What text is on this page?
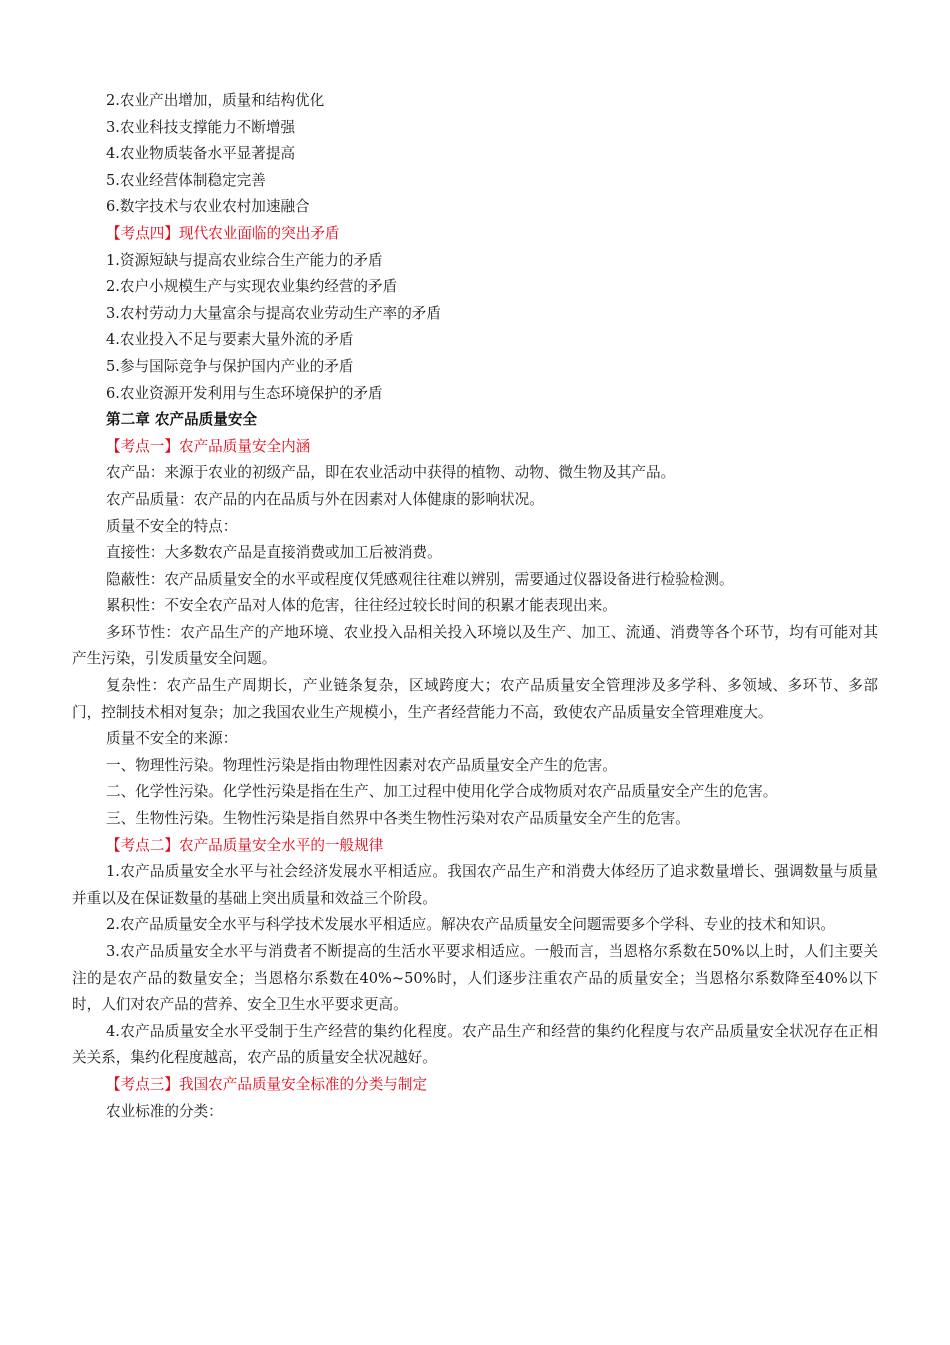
2.农业产出增加，质量和结构优化

3.农业科技支撑能力不断增强

4.农业物质装备水平显著提高

5.农业经营体制稳定完善

6.数字技术与农业农村加速融合

【考点四】现代农业面临的突出矛盾

1.资源短缺与提高农业综合生产能力的矛盾

2.农户小规模生产与实现农业集约经营的矛盾

3.农村劳动力大量富余与提高农业劳动生产率的矛盾

4.农业投入不足与要素大量外流的矛盾

5.参与国际竞争与保护国内产业的矛盾

6.农业资源开发利用与生态环境保护的矛盾

第二章 农产品质量安全

【考点一】农产品质量安全内涵

农产品：来源于农业的初级产品，即在农业活动中获得的植物、动物、微生物及其产品。

农产品质量：农产品的内在品质与外在因素对人体健康的影响状况。

质量不安全的特点：

直接性：大多数农产品是直接消费或加工后被消费。

隐蔽性：农产品质量安全的水平或程度仅凭感观往往难以辨别，需要通过仪器设备进行检验检测。

累积性：不安全农产品对人体的危害，往往经过较长时间的积累才能表现出来。

多环节性：农产品生产的产地环境、农业投入品相关投入环境以及生产、加工、流通、消费等各个环节，均有可能对其产生污染，引发质量安全问题。

复杂性：农产品生产周期长，产业链条复杂，区域跨度大；农产品质量安全管理涉及多学科、多领域、多环节、多部门，控制技术相对复杂；加之我国农业生产规模小，生产者经营能力不高，致使农产品质量安全管理难度大。

质量不安全的来源：

一、物理性污染。物理性污染是指由物理性因素对农产品质量安全产生的危害。

二、化学性污染。化学性污染是指在生产、加工过程中使用化学合成物质对农产品质量安全产生的危害。

三、生物性污染。生物性污染是指自然界中各类生物性污染对农产品质量安全产生的危害。

【考点二】农产品质量安全水平的一般规律

1.农产品质量安全水平与社会经济发展水平相适应。我国农产品生产和消费大体经历了追求数量增长、强调数量与质量并重以及在保证数量的基础上突出质量和效益三个阶段。

2.农产品质量安全水平与科学技术发展水平相适应。解决农产品质量安全问题需要多个学科、专业的技术和知识。

3.农产品质量安全水平与消费者不断提高的生活水平要求相适应。一般而言，当恩格尔系数在50%以上时，人们主要关注的是农产品的数量安全；当恩格尔系数在40%~50%时，人们逐步注重农产品的质量安全；当恩格尔系数降至40%以下时，人们对农产品的营养、安全卫生水平要求更高。

4.农产品质量安全水平受制于生产经营的集约化程度。农产品生产和经营的集约化程度与农产品质量安全状况存在正相关关系，集约化程度越高，农产品的质量安全状况越好。

【考点三】我国农产品质量安全标准的分类与制定

农业标准的分类：
